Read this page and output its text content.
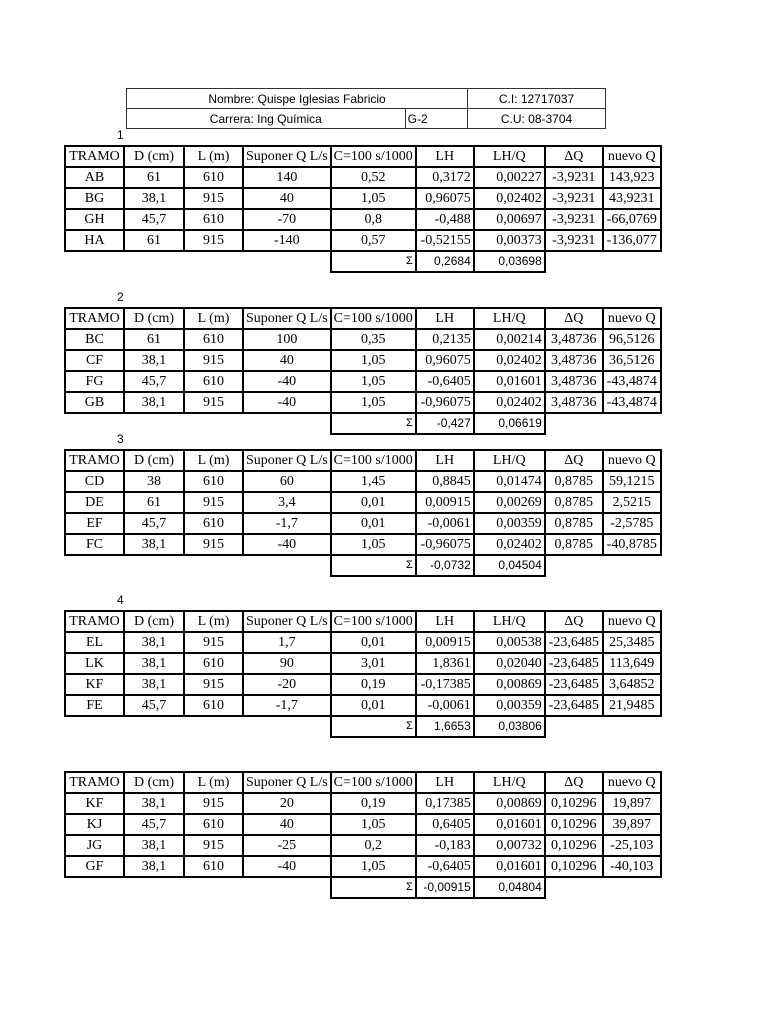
Nombre: Quispe Iglesias Fabricio		C.I: 12717037
Carrera: Ing Química	G-2	C.U: 08-3704
1
TRAMO	D (cm)	L (m)	Suponer Q L/s	C=100 s/1000	LH	LH/Q	ΔQ	nuevo Q
AB	61	610	140	0,52	0,3172	0,00227	-3,9231	143,923
BG	38,1	915	40	1,05	0,96075	0,02402	-3,9231	43,9231
GH	45,7	610	-70	0,8	-0,488	0,00697	-3,9231	-66,0769
HA	61	915	-140	0,57	-0,52155	0,00373	-3,9231	-136,077
				Σ	0,2684	0,03698		
2
TRAMO	D (cm)	L (m)	Suponer Q L/s	C=100 s/1000	LH	LH/Q	ΔQ	nuevo Q
BC	61	610	100	0,35	0,2135	0,00214	3,48736	96,5126
CF	38,1	915	40	1,05	0,96075	0,02402	3,48736	36,5126
FG	45,7	610	-40	1,05	-0,6405	0,01601	3,48736	-43,4874
GB	38,1	915	-40	1,05	-0,96075	0,02402	3,48736	-43,4874
				Σ	-0,427	0,06619		
3
TRAMO	D (cm)	L (m)	Suponer Q L/s	C=100 s/1000	LH	LH/Q	ΔQ	nuevo Q
CD	38	610	60	1,45	0,8845	0,01474	0,8785	59,1215
DE	61	915	3,4	0,01	0,00915	0,00269	0,8785	2,5215
EF	45,7	610	-1,7	0,01	-0,0061	0,00359	0,8785	-2,5785
FC	38,1	915	-40	1,05	-0,96075	0,02402	0,8785	-40,8785
				Σ	-0,0732	0,04504		
4
TRAMO	D (cm)	L (m)	Suponer Q L/s	C=100 s/1000	LH	LH/Q	ΔQ	nuevo Q
EL	38,1	915	1,7	0,01	0,00915	0,00538	-23,6485	25,3485
LK	38,1	610	90	3,01	1,8361	0,02040	-23,6485	113,649
KF	38,1	915	-20	0,19	-0,17385	0,00869	-23,6485	3,64852
FE	45,7	610	-1,7	0,01	-0,0061	0,00359	-23,6485	21,9485
				Σ	1,6653	0,03806		
TRAMO	D (cm)	L (m)	Suponer Q L/s	C=100 s/1000	LH	LH/Q	ΔQ	nuevo Q
KF	38,1	915	20	0,19	0,17385	0,00869	0,10296	19,897
KJ	45,7	610	40	1,05	0,6405	0,01601	0,10296	39,897
JG	38,1	915	-25	0,2	-0,183	0,00732	0,10296	-25,103
GF	38,1	610	-40	1,05	-0,6405	0,01601	0,10296	-40,103
				Σ	-0,00915	0,04804		
